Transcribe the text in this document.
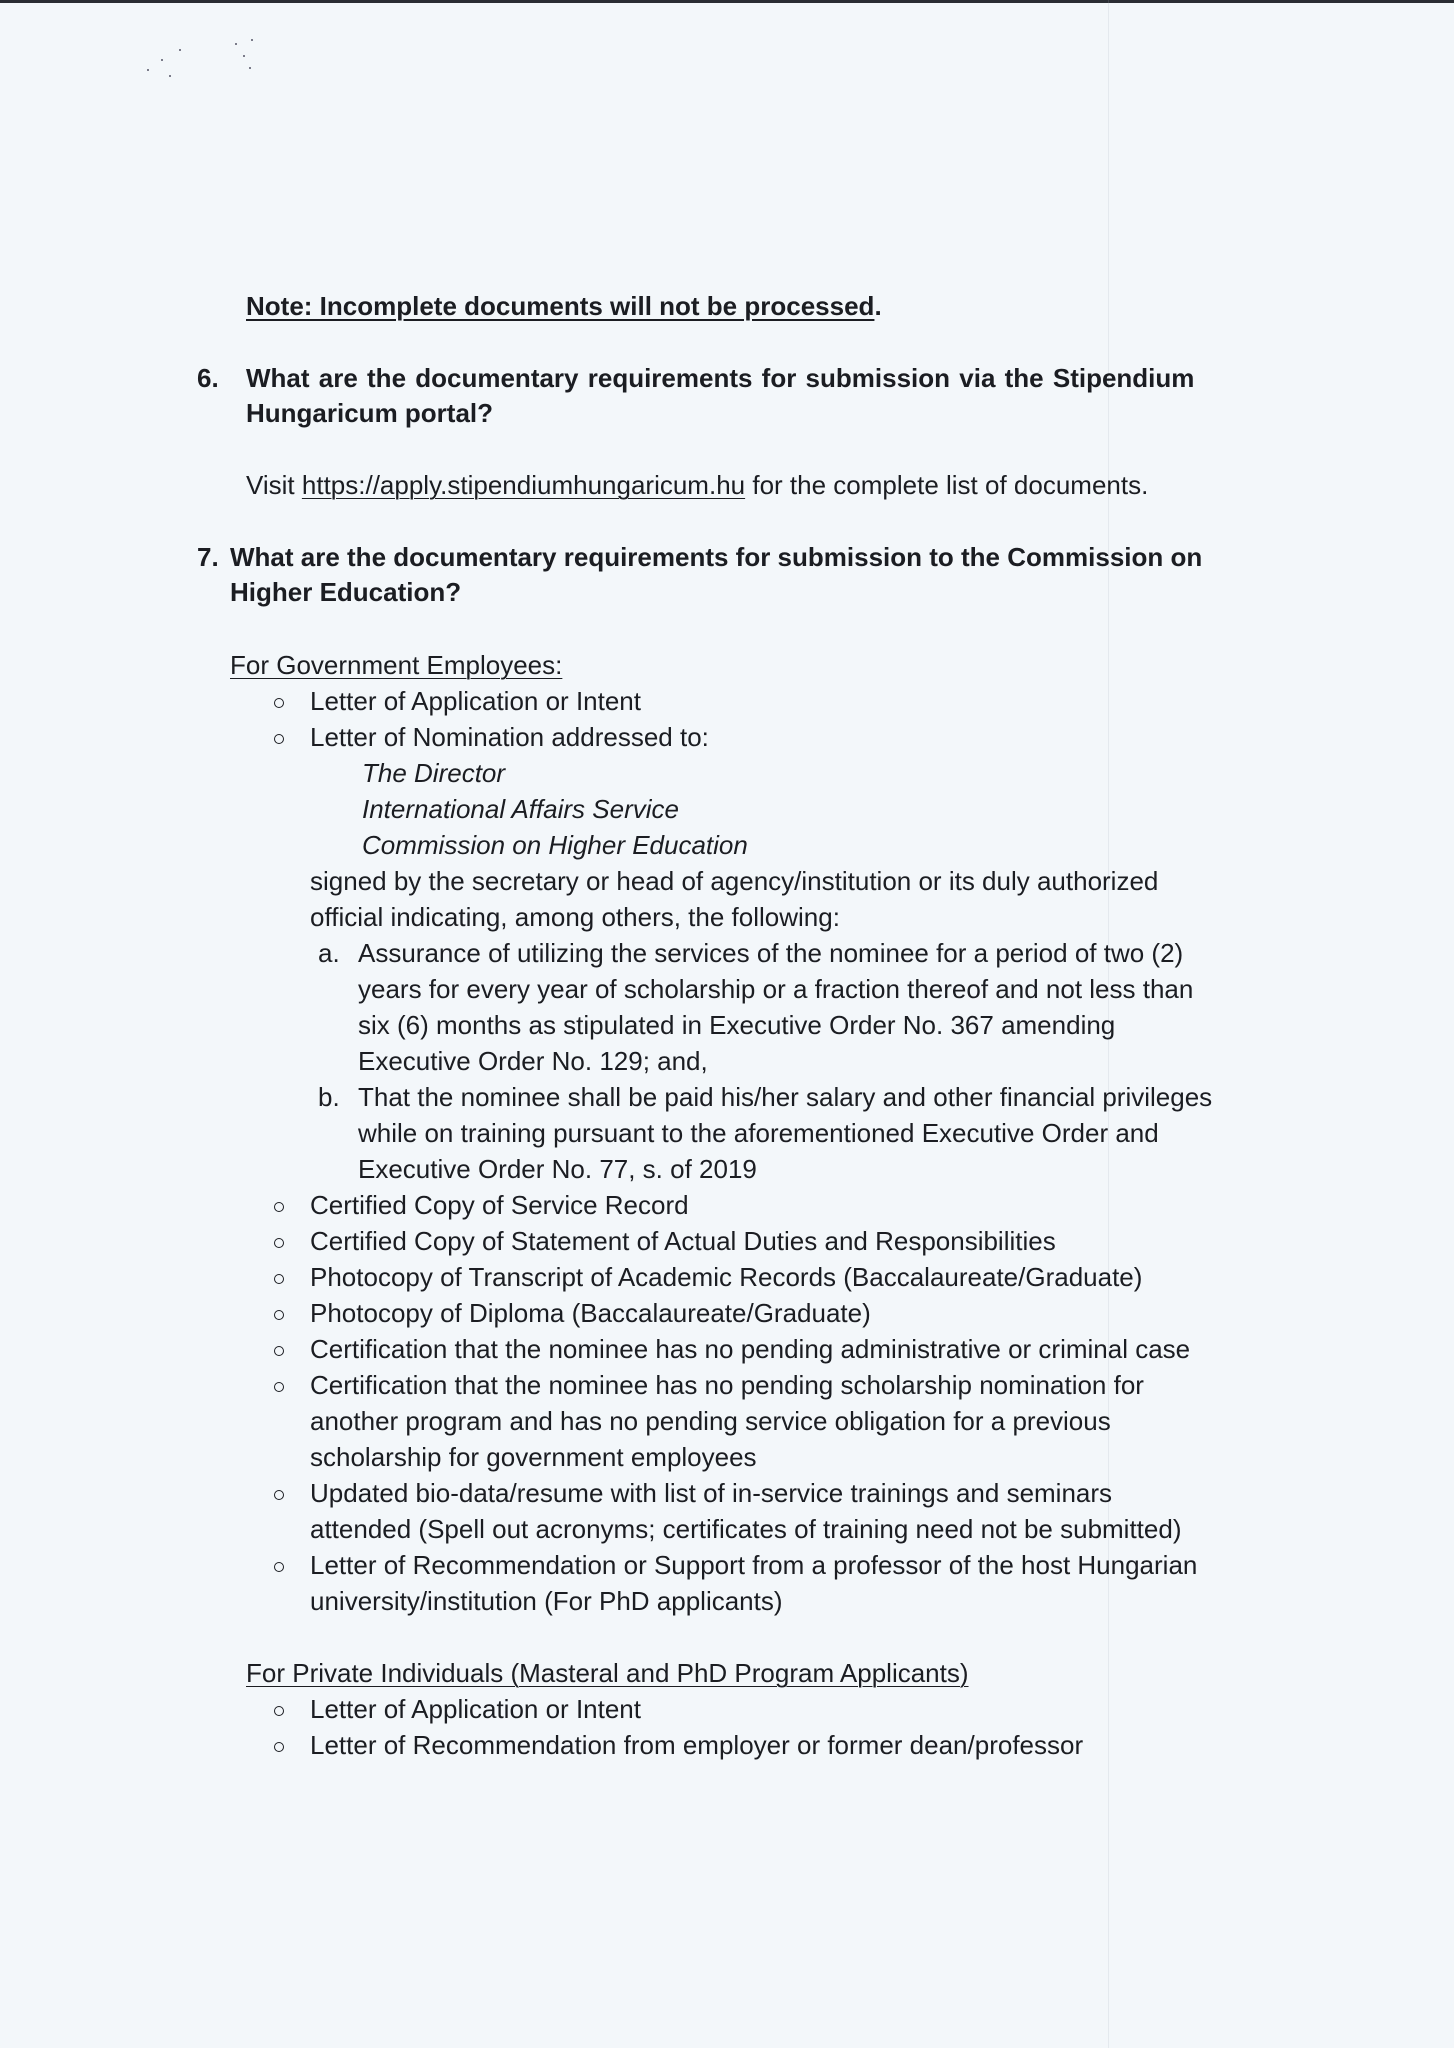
Note: Incomplete documents will not be processed.
6. What are the documentary requirements for submission via the Stipendium
Hungaricum portal?
Visit https://apply.stipendiumhungaricum.hu for the complete list of documents.
7. What are the documentary requirements for submission to the Commission on
Higher Education?
For Government Employees:
Letter of Application or Intent
Letter of Nomination addressed to:
The Director
International Affairs Service
Commission on Higher Education
signed by the secretary or head of agency/institution or its duly authorized
official indicating, among others, the following:
a. Assurance of utilizing the services of the nominee for a period of two (2)
years for every year of scholarship or a fraction thereof and not less than
six (6) months as stipulated in Executive Order No. 367 amending
Executive Order No. 129; and,
b. That the nominee shall be paid his/her salary and other financial privileges
while on training pursuant to the aforementioned Executive Order and
Executive Order No. 77, s. of 2019
Certified Copy of Service Record
Certified Copy of Statement of Actual Duties and Responsibilities
Photocopy of Transcript of Academic Records (Baccalaureate/Graduate)
Photocopy of Diploma (Baccalaureate/Graduate)
Certification that the nominee has no pending administrative or criminal case
Certification that the nominee has no pending scholarship nomination for
another program and has no pending service obligation for a previous
scholarship for government employees
Updated bio-data/resume with list of in-service trainings and seminars
attended (Spell out acronyms; certificates of training need not be submitted)
Letter of Recommendation or Support from a professor of the host Hungarian
university/institution (For PhD applicants)
For Private Individuals (Masteral and PhD Program Applicants)
Letter of Application or Intent
Letter of Recommendation from employer or former dean/professor
